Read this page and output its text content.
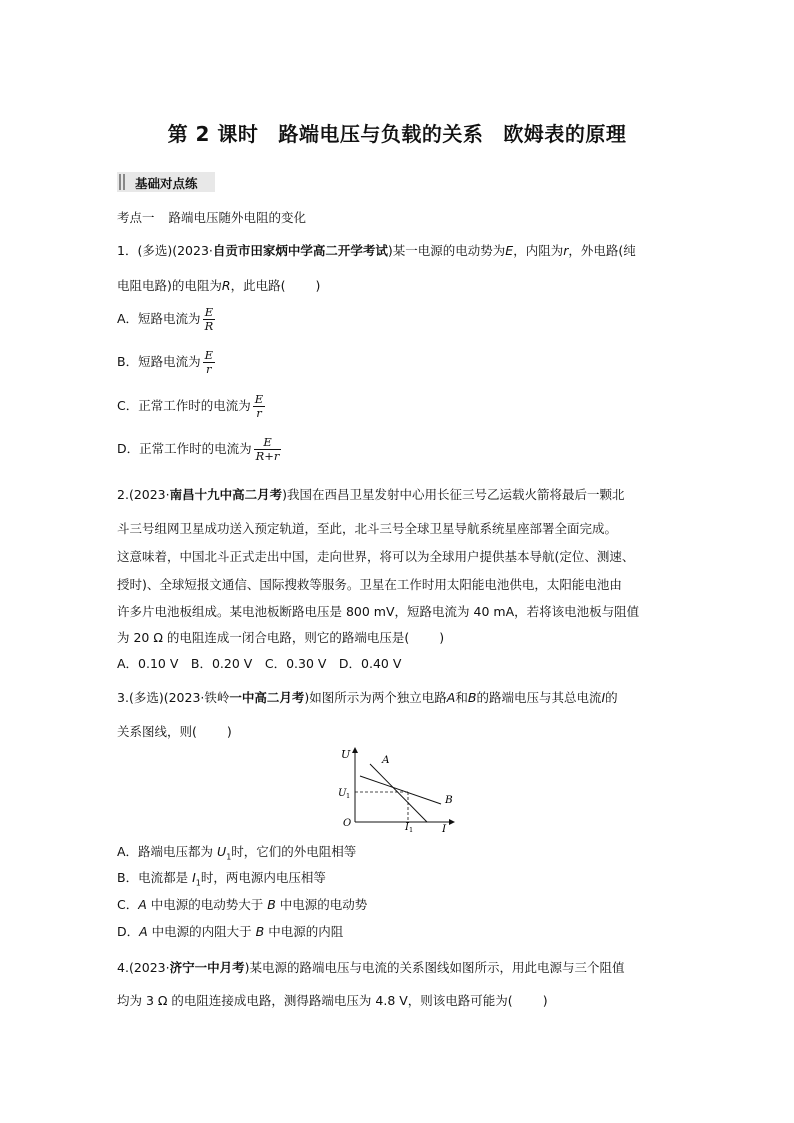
第 2 课时 路端电压与负载的关系 欧姆表的原理
基础对点练
考点一 路端电压随外电阻的变化
1．(多选)(2023·自贡市田家炳中学高二开学考试)某一电源的电动势为E，内阻为r，外电路(纯
电阻电路)的电阻为R，此电路( )
A．短路电流为 $\frac{E}{R}$
B．短路电流为 $\frac{E}{r}$
C．正常工作时的电流为 $\frac{E}{r}$
D．正常工作时的电流为 $\frac{E}{R+r}$
2.(2023·南昌十九中高二月考)我国在西昌卫星发射中心用长征三号乙运载火箭将最后一颗北
斗三号组网卫星成功送入预定轨道，至此，北斗三号全球卫星导航系统星座部署全面完成。
这意味着，中国北斗正式走出中国，走向世界，将可以为全球用户提供基本导航(定位、测速、
授时)、全球短报文通信、国际搜救等服务。卫星在工作时用太阳能电池供电，太阳能电池由
许多片电池板组成。某电池板断路电压是 800 mV，短路电流为 40 mA，若将该电池板与阻值
为 20 Ω 的电阻连成一闭合电路，则它的路端电压是( )
A．0.10 V　B．0.20 V　C．0.30 V　D．0.40 V
3.(多选)(2023·铁岭一中高二月考)如图所示为两个独立电路A和B的路端电压与其总电流I的
关系图线，则( )
U
U 1
O	I 1	I
A
B
A．路端电压都为 $U_1$时，它们的外电阻相等
B．电流都是 $I_1$时，两电源内电压相等
C．A 中电源的电动势大于 B 中电源的电动势
D．A 中电源的内阻大于 B 中电源的内阻
4.(2023·济宁一中月考)某电源的路端电压与电流的关系图线如图所示，用此电源与三个阻值
均为 3 Ω 的电阻连接成电路，测得路端电压为 4.8 V，则该电路可能为( )
